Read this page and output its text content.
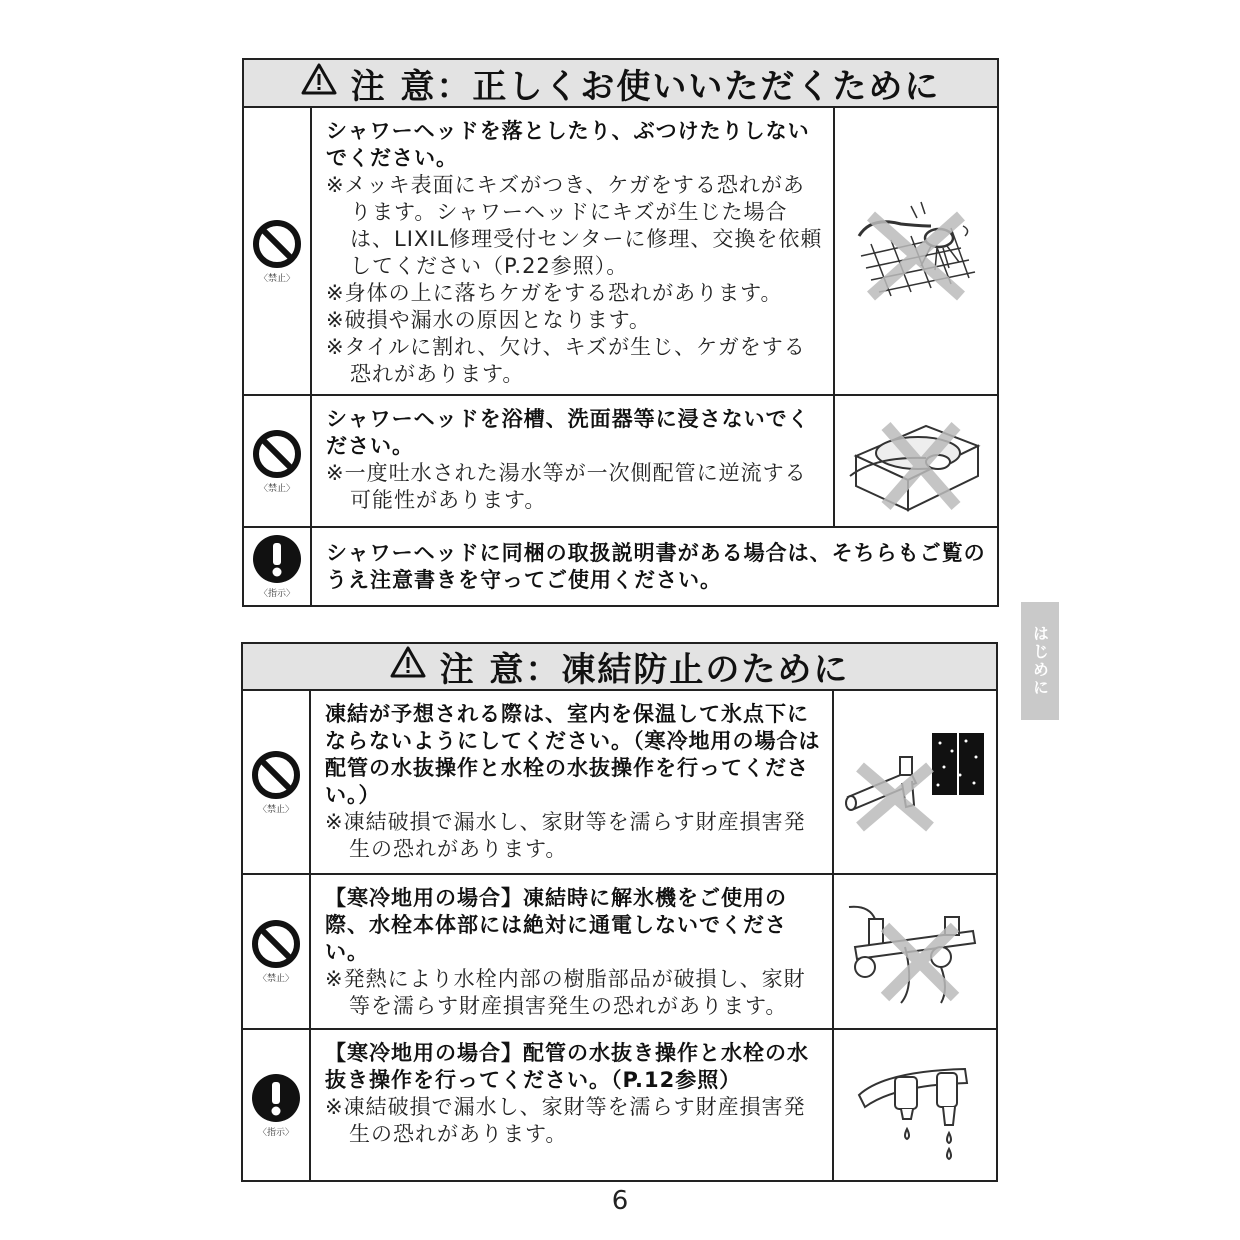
注 意：正しくお使いいただくために
〈禁止〉
シャワーヘッドを落としたり、ぶつけたりしないでください。
※メッキ表面にキズがつき、ケガをする恐れがあります。シャワーヘッドにキズが生じた場合は、LIXIL修理受付センターに修理、交換を依頼してください（P.22参照）。
※身体の上に落ちケガをする恐れがあります。
※破損や漏水の原因となります。
※タイルに割れ、欠け、キズが生じ、ケガをする恐れがあります。
〈禁止〉
シャワーヘッドを浴槽、洗面器等に浸さないでください。
※一度吐水された湯水等が一次側配管に逆流する可能性があります。
〈指示〉
シャワーヘッドに同梱の取扱説明書がある場合は、そちらもご覧のうえ注意書きを守ってご使用ください。
はじめに
注 意：凍結防止のために
〈禁止〉
凍結が予想される際は、室内を保温して氷点下にならないようにしてください。（寒冷地用の場合は配管の水抜操作と水栓の水抜操作を行ってください。）
※凍結破損で漏水し、家財等を濡らす財産損害発生の恐れがあります。
〈禁止〉
【寒冷地用の場合】凍結時に解氷機をご使用の際、水栓本体部には絶対に通電しないでください。
※発熱により水栓内部の樹脂部品が破損し、家財等を濡らす財産損害発生の恐れがあります。
〈指示〉
【寒冷地用の場合】配管の水抜き操作と水栓の水抜き操作を行ってください。（P.12参照）
※凍結破損で漏水し、家財等を濡らす財産損害発生の恐れがあります。
6
